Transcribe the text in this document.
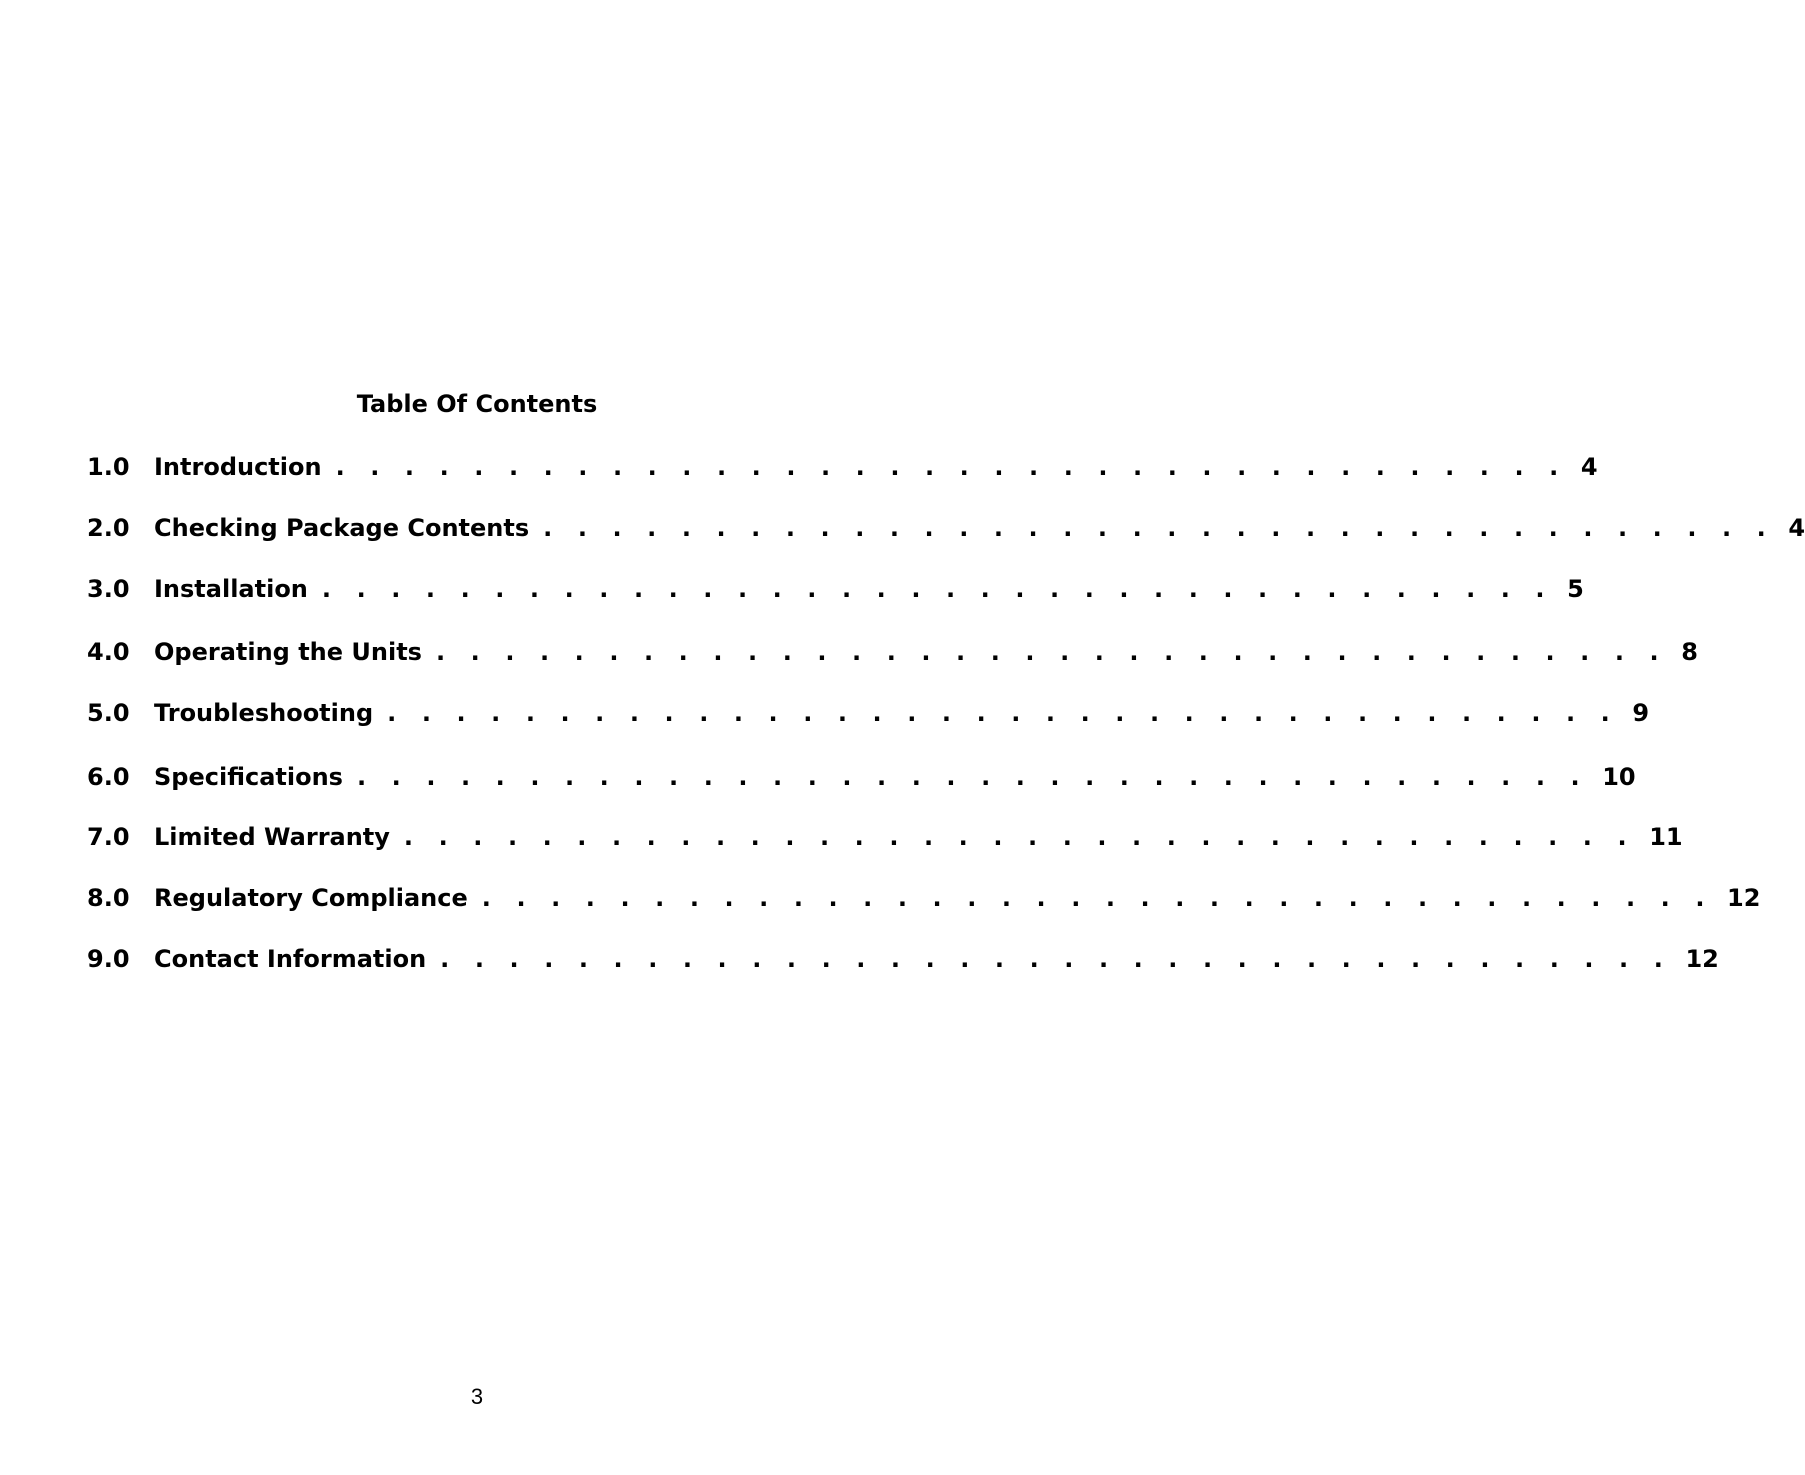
Table Of Contents
1.0	Introduction . . . . . . . . . . . . . . . . . . . . . . . . . . . . . . . . . . . . 4
2.0	Checking Package Contents . . . . . . . . . . . . . . . . . . . . . . . . . . . . . . . . . . . . 4
3.0	Installation . . . . . . . . . . . . . . . . . . . . . . . . . . . . . . . . . . . . 5
4.0	Operating the Units . . . . . . . . . . . . . . . . . . . . . . . . . . . . . . . . . . . . 8
5.0	Troubleshooting . . . . . . . . . . . . . . . . . . . . . . . . . . . . . . . . . . . . 9
6.0	Specifications . . . . . . . . . . . . . . . . . . . . . . . . . . . . . . . . . . . . 10
7.0	Limited Warranty . . . . . . . . . . . . . . . . . . . . . . . . . . . . . . . . . . . . 11
8.0	Regulatory Compliance . . . . . . . . . . . . . . . . . . . . . . . . . . . . . . . . . . . . 12
9.0	Contact Information . . . . . . . . . . . . . . . . . . . . . . . . . . . . . . . . . . . . 12
3
